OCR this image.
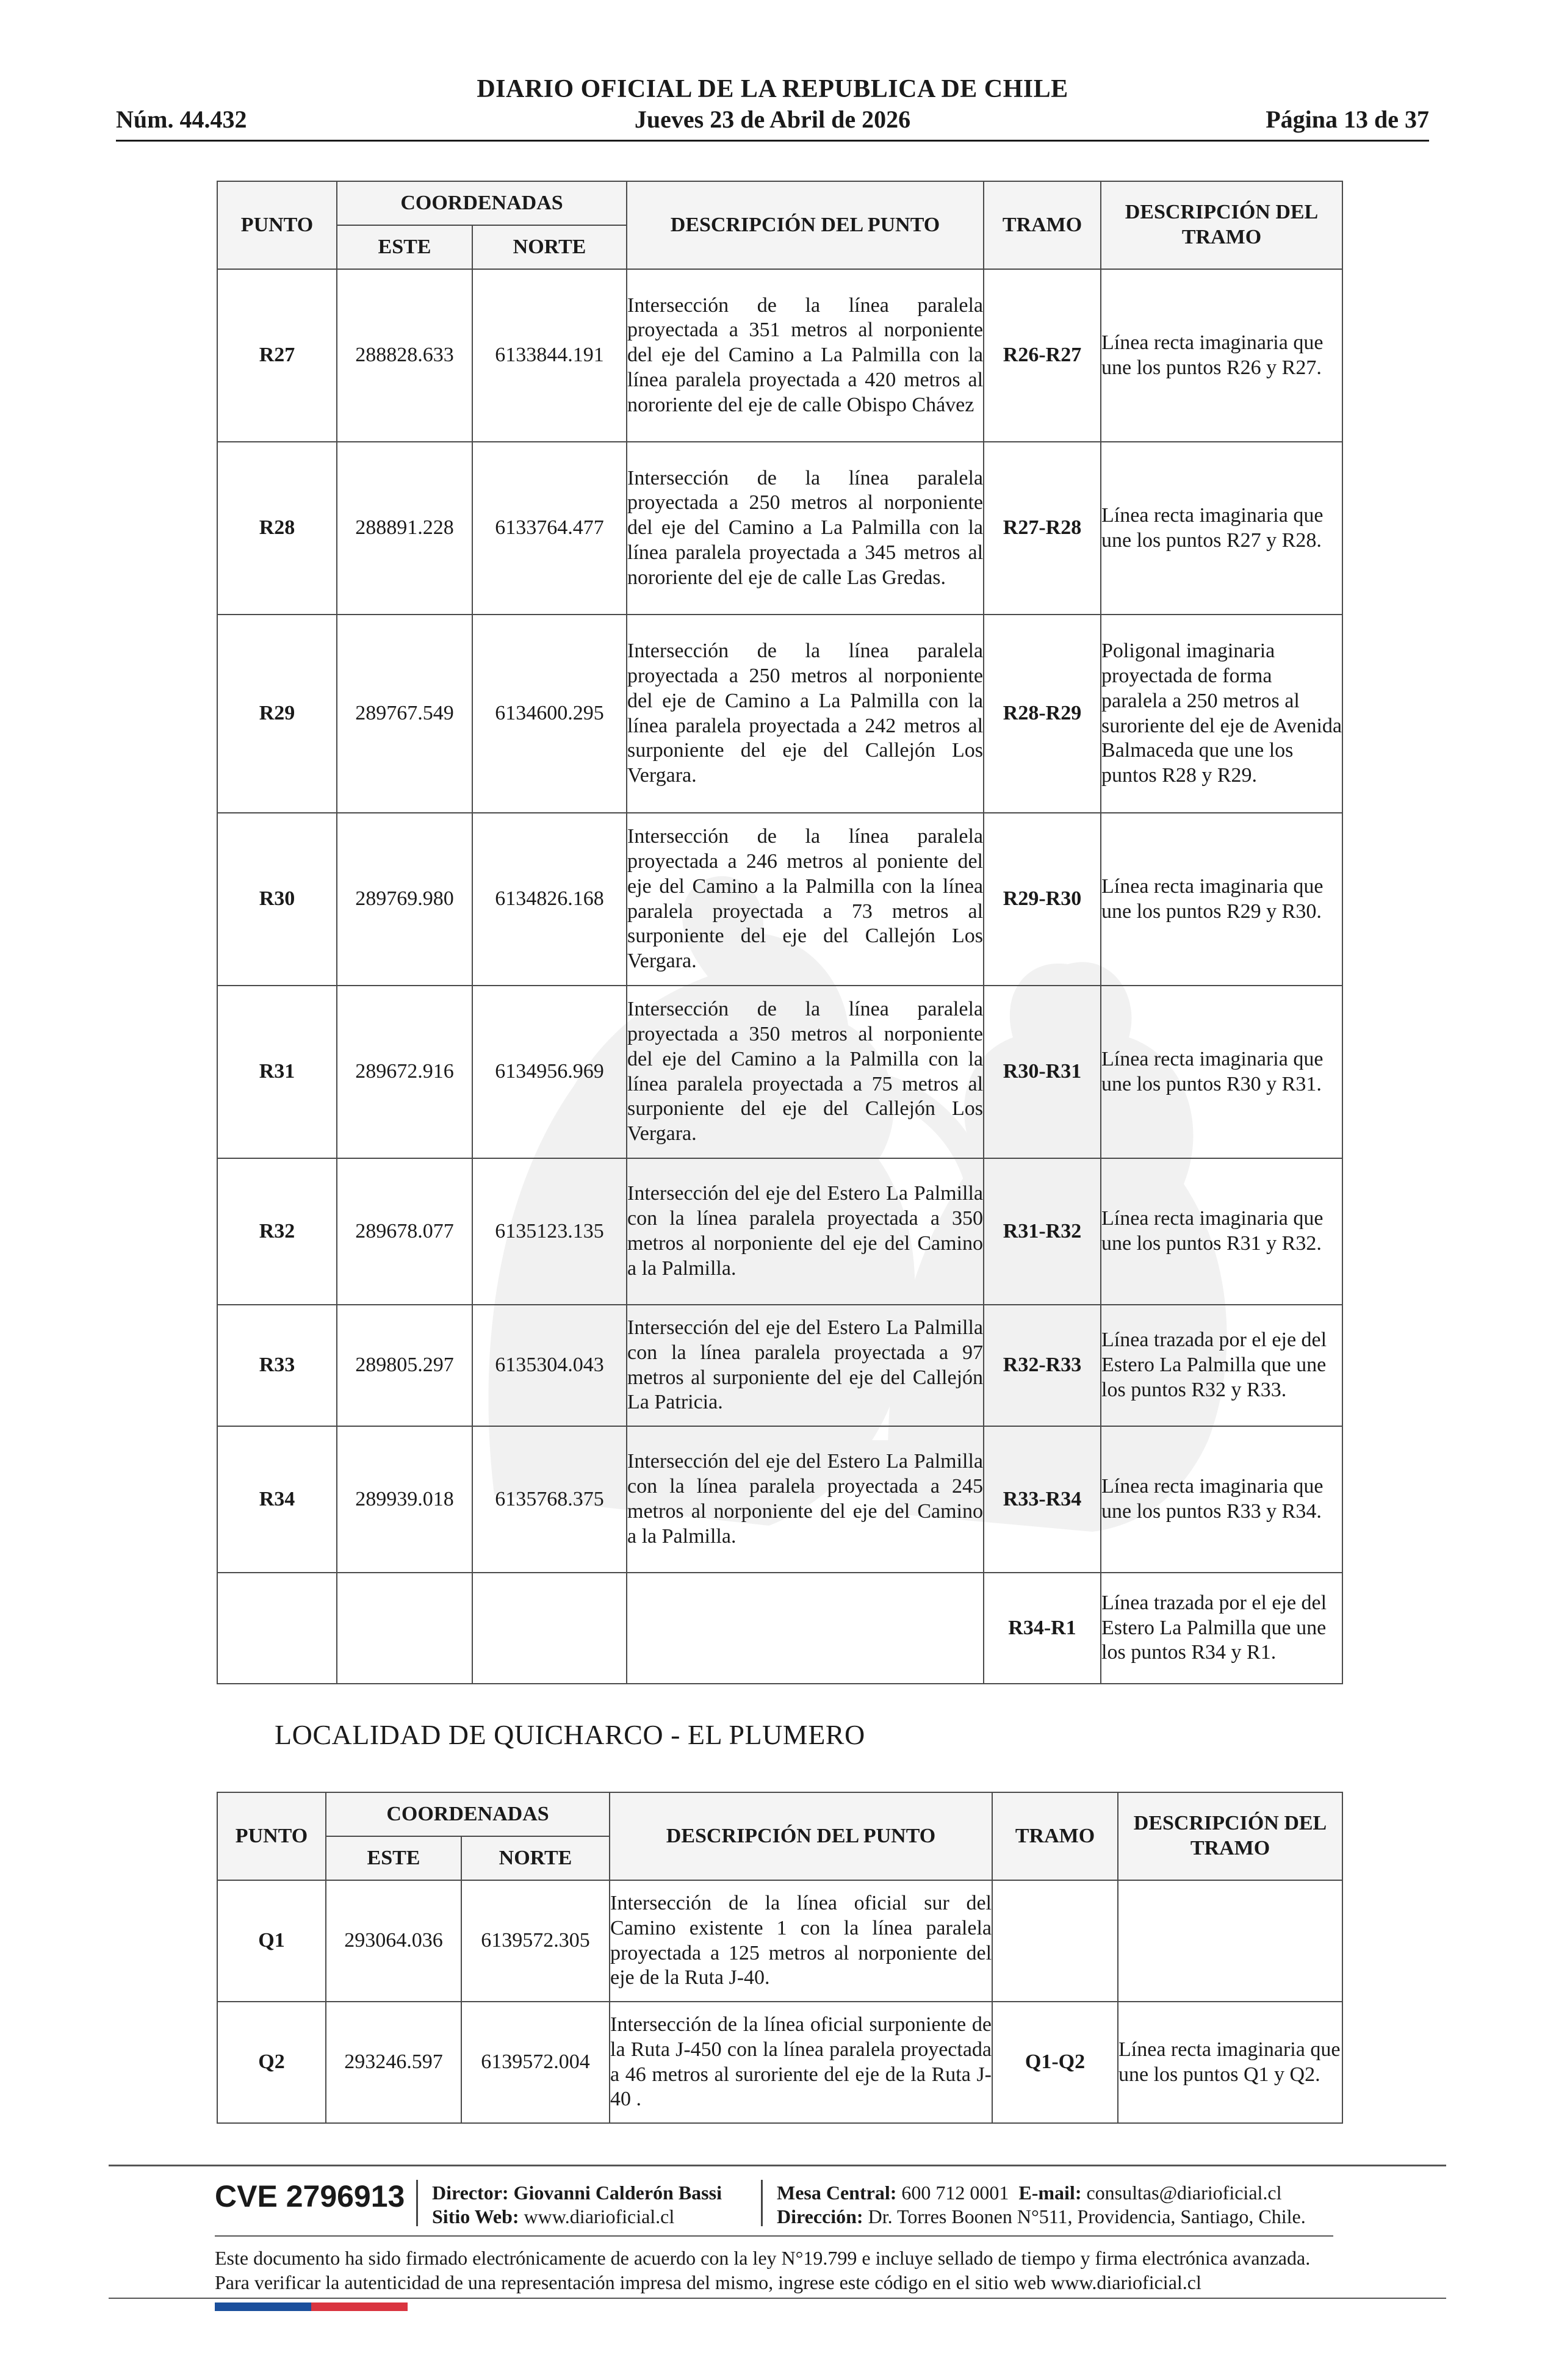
DIARIO OFICIAL DE LA REPUBLICA DE CHILE
Núm. 44.432	Jueves 23 de Abril de 2026	Página 13 de 37
PUNTO	COORDENADAS		DESCRIPCIÓN DEL PUNTO	TRAMO	DESCRIPCIÓN DEL TRAMO
	ESTE	NORTE			
R27	288828.633	6133844.191	Intersección de la línea paralela proyectada a 351 metros al norponiente del eje del Camino a La Palmilla con la línea paralela proyectada a 420 metros al nororiente del eje de calle Obispo Chávez	R26-R27	Línea recta imaginaria que une los puntos R26 y R27.
R28	288891.228	6133764.477	Intersección de la línea paralela proyectada a 250 metros al norponiente del eje del Camino a La Palmilla con la línea paralela proyectada a 345 metros al nororiente del eje de calle Las Gredas.	R27-R28	Línea recta imaginaria que une los puntos R27 y R28.
R29	289767.549	6134600.295	Intersección de la línea paralela proyectada a 250 metros al norponiente del eje de Camino a La Palmilla con la línea paralela proyectada a 242 metros al surponiente del eje del Callejón Los Vergara.	R28-R29	Poligonal imaginaria proyectada de forma paralela a 250 metros al suroriente del eje de Avenida Balmaceda que une los puntos R28 y R29.
R30	289769.980	6134826.168	Intersección de la línea paralela proyectada a 246 metros al poniente del eje del Camino a la Palmilla con la línea paralela proyectada a 73 metros al surponiente del eje del Callejón Los Vergara.	R29-R30	Línea recta imaginaria que une los puntos R29 y R30.
R31	289672.916	6134956.969	Intersección de la línea paralela proyectada a 350 metros al norponiente del eje del Camino a la Palmilla con la línea paralela proyectada a 75 metros al surponiente del eje del Callejón Los Vergara.	R30-R31	Línea recta imaginaria que une los puntos R30 y R31.
R32	289678.077	6135123.135	Intersección del eje del Estero La Palmilla con la línea paralela proyectada a 350 metros al norponiente del eje del Camino a la Palmilla.	R31-R32	Línea recta imaginaria que une los puntos R31 y R32.
R33	289805.297	6135304.043	Intersección del eje del Estero La Palmilla con la línea paralela proyectada a 97 metros al surponiente del eje del Callejón La Patricia.	R32-R33	Línea trazada por el eje del Estero La Palmilla que une los puntos R32 y R33.
R34	289939.018	6135768.375	Intersección del eje del Estero La Palmilla con la línea paralela proyectada a 245 metros al norponiente del eje del Camino a la Palmilla.	R33-R34	Línea recta imaginaria que une los puntos R33 y R34.
				R34-R1	Línea trazada por el eje del Estero La Palmilla que une los puntos R34 y R1.
LOCALIDAD DE QUICHARCO - EL PLUMERO
PUNTO	COORDENADAS		DESCRIPCIÓN DEL PUNTO	TRAMO	DESCRIPCIÓN DEL TRAMO
	ESTE	NORTE			
Q1	293064.036	6139572.305	Intersección de la línea oficial sur del Camino existente 1 con la línea paralela proyectada a 125 metros al norponiente del eje de la Ruta J-40.		
Q2	293246.597	6139572.004	Intersección de la línea oficial surponiente de la Ruta J-450 con la línea paralela proyectada a 46 metros al suroriente del eje de la Ruta J-40 .	Q1-Q2	Línea recta imaginaria que une los puntos Q1 y Q2.
CVE 2796913 Director: Giovanni Calderón Bassi
Sitio Web: www.diarioficial.cl
Mesa Central: 600 712 0001 E-mail: consultas@diarioficial.cl
Dirección: Dr. Torres Boonen N°511, Providencia, Santiago, Chile.
Este documento ha sido firmado electrónicamente de acuerdo con la ley N°19.799 e incluye sellado de tiempo y firma electrónica avanzada. Para verificar la autenticidad de una representación impresa del mismo, ingrese este código en el sitio web www.diarioficial.cl
